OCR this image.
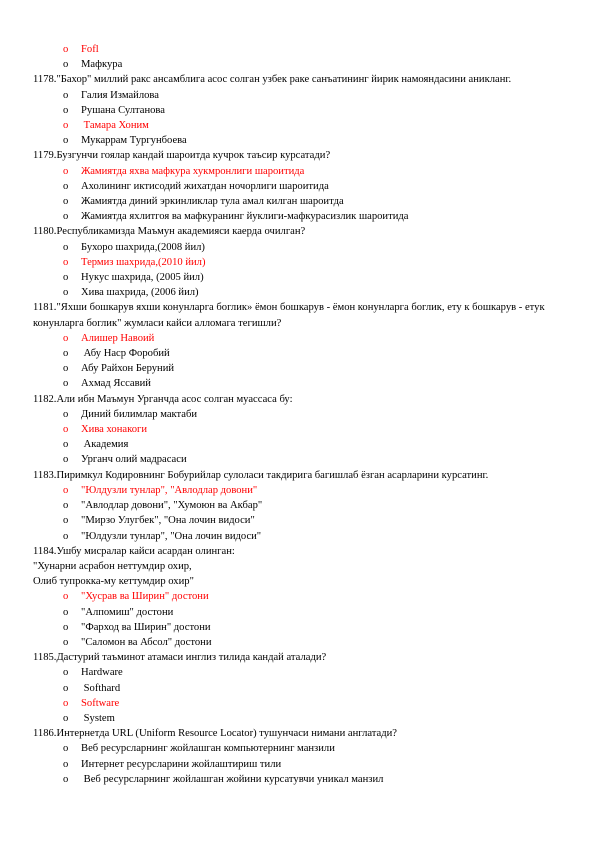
o Fofl
o Мафкура
1178."Бахор" миллий ракс ансамблига асос солган узбек раке санъатининг йирик намояндасини аникланг.
o Галия Измайлова
o Рушана Султанова
o Тамара Хоним
o Мукаррам Тургунбоева
1179.Бузгунчи гоялар кандай шароитда кучрок таъсир курсатади?
o Жамиятда яхва мафкура хукмронлиги шароитида
o Ахолининг иктисодий жихатдан ночорлиги шароитида
o Жамиятда диний эркинликлар тула амал килган шароитда
o Жамиятда яхлитгоя ва мафкуранинг йуклиги-мафкурасизлик шароитида
1180.Республикамизда Маъмун академияси каерда очилган?
o Бухоро шахрида,(2008 йил)
o Термиз шахрида,(2010 йил)
o Нукус шахрида, (2005 йил)
o Хива шахрида, (2006 йил)
1181."Яхши бошкарув яхши конунларга боглик» ёмон бошкарув - ёмон конунларга боглик, ету к бошкарув - етук конунларга боглик" жумласи кайси алломага тегишли?
o Алишер Навоий
o Абу Наср Форобий
o Абу Райхон Беруний
o Ахмад Яссавий
1182.Али ибн Маъмун Урганчда асос солган муассаса бу:
o Диний билимлар мактаби
o Хива хонакоги
o Академия
o Урганч олий мадрасаси
1183.Пиримкул Кодировнинг Бобурийлар сулоласи такдирига багишлаб ёзган асарларини курсатинг.
o "Юлдузли тунлар", "Авлодлар довони"
o "Авлодлар довони", "Хумоюн ва Акбар"
o "Мирзо Улугбек", "Она лочин видоси"
o "Юлдузли тунлар", "Она лочин видоси"
1184.Ушбу мисралар кайси асардан олинган:
"Хунарни асрабон неттумдир охир,
Олиб тупрокка-му кеттумдир охир"
o "Хусрав ва Ширин" достони
o "Алпомиш" достони
o "Фарход ва Ширин" достони
o "Саломон ва Абсол" достони
1185.Дастурий таъминот атамаси инглиз тилида кандай аталади?
o Hardware
o Softhard
o Software
o System
1186.Интернетда URL (Uniform Resource Locator) тушунчаси нимани англатади?
o Веб ресурсларнинг жойлашган компьютернинг манзили
o Интернет ресурсларини жойлаштириш тили
o Веб ресурсларнинг жойлашган жойини курсатувчи уникал манзил
